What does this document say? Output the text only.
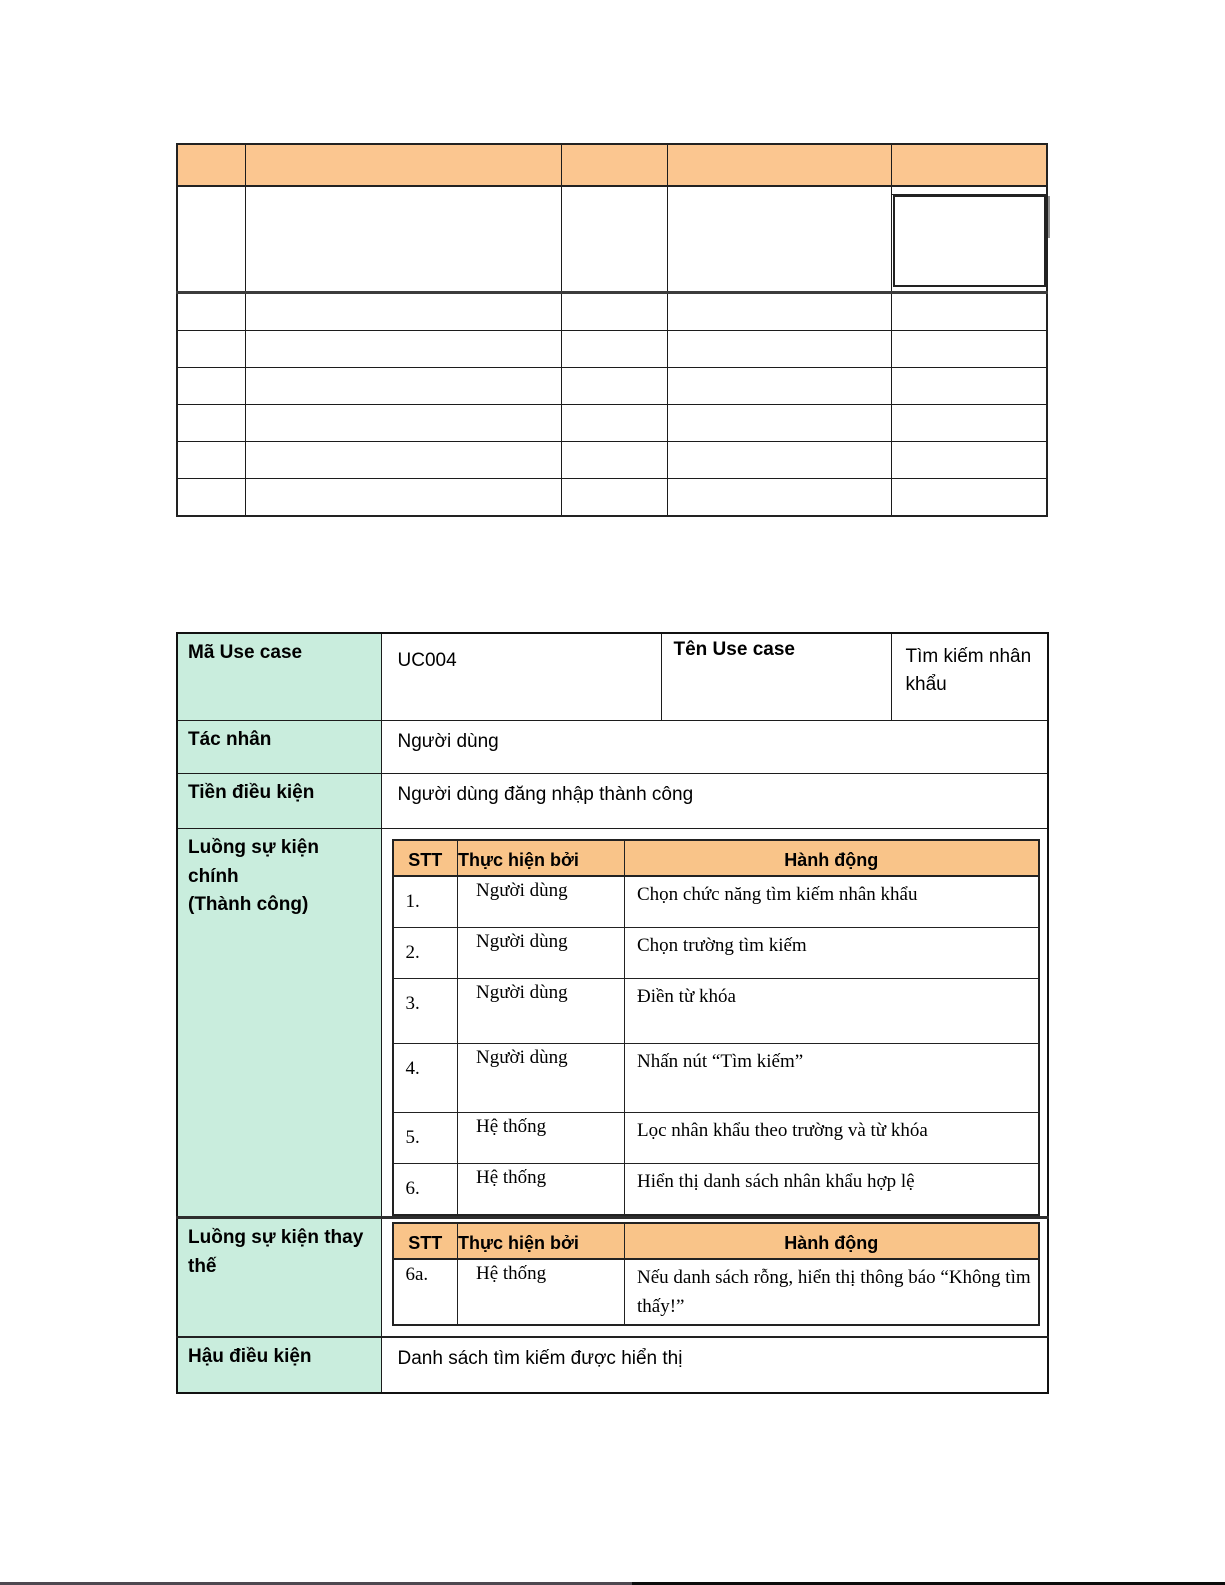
Mã Use case	UC004	Tên Use case	Tìm kiếm nhân khẩu
Tác nhân	Người dùng
Tiền điều kiện	Người dùng đăng nhập thành công

Luồng sự kiện chính
(Thành công)

STT	Thực hiện bởi	Hành động
1.	Người dùng	Chọn chức năng tìm kiếm nhân khẩu
2.	Người dùng	Chọn trường tìm kiếm
3.	Người dùng	Điền từ khóa
4.	Người dùng	Nhấn nút “Tìm kiếm”
5.	Hệ thống	Lọc nhân khẩu theo trường và từ khóa
6.	Hệ thống	Hiển thị danh sách nhân khẩu hợp lệ

Luồng sự kiện thay thế	
STT	Thực hiện bởi	Hành động
6a.	Hệ thống	Nếu danh sách rỗng, hiển thị thông báo “Không tìm thấy!”

Hậu điều kiện	Danh sách tìm kiếm được hiển thị
